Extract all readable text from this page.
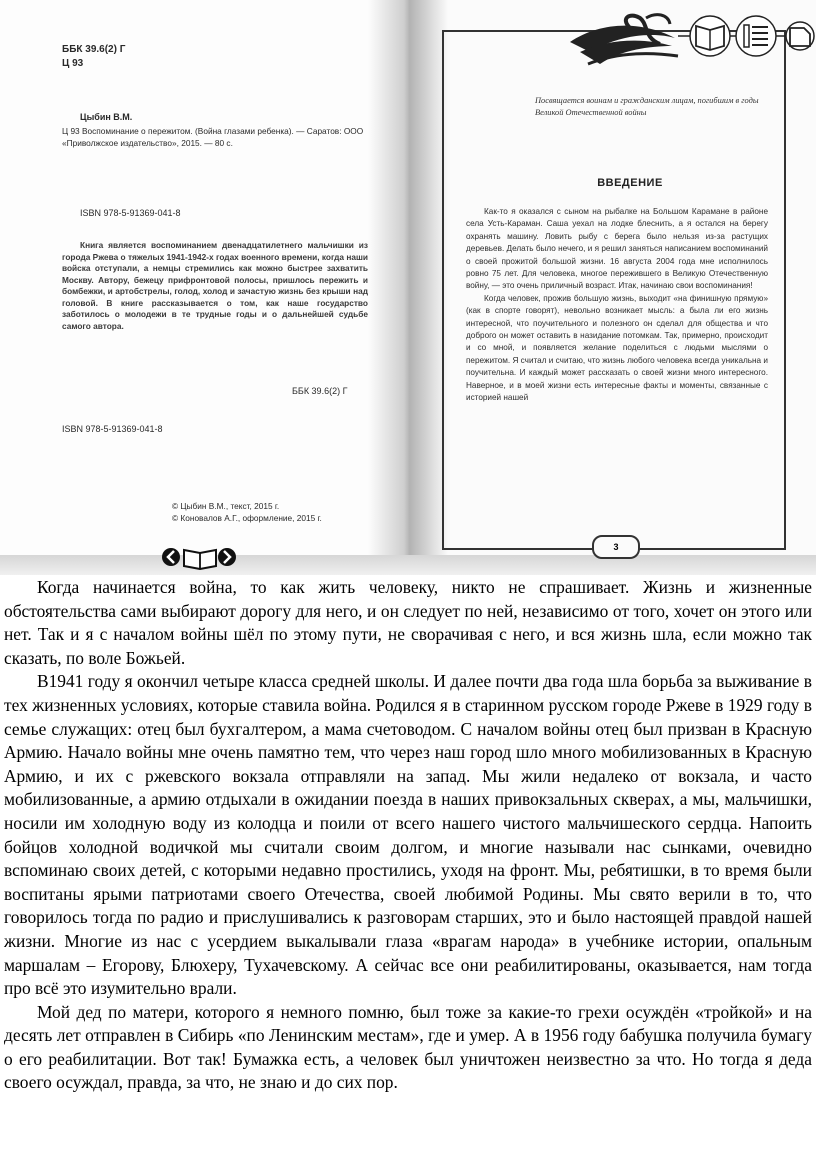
ББК 39.6(2) Г
Ц 93
Цыбин В.М.
Ц 93 Воспоминание о пережитом. (Война глазами ребенка). — Саратов: ООО «Приволжское издательство», 2015. — 80 с.
ISBN 978-5-91369-041-8
Книга является воспоминанием двенадцатилетнего мальчишки из города Ржева о тяжелых 1941-1942-х годах военного времени, когда наши войска отступали, а немцы стремились как можно быстрее захватить Москву. Автору, бежецу прифронтовой полосы, пришлось пережить и бомбежки, и артобстрелы, голод, холод и зачастую жизнь без крыши над головой. В книге рассказывается о том, как наше государство заботилось о молодежи в те трудные годы и о дальнейшей судьбе самого автора.
ББК 39.6(2) Г
ISBN 978-5-91369-041-8
© Цыбин В.М., текст, 2015 г.
© Коновалов А.Г., оформление, 2015 г.
Посвящается воинам и гражданским лицам, погибшим в годы Великой Отечественной войны
ВВЕДЕНИЕ

Как-то я оказался с сыном на рыбалке на Большом Карамане в районе села Усть-Караман. Саша уехал на лодке блеснить, а я остался на берегу охранять машину. Ловить рыбу с берега было нельзя из-за растущих деревьев. Делать было нечего, и я решил заняться написанием воспоминаний о своей прожитой большой жизни. 16 августа 2004 года мне исполнилось ровно 75 лет. Для человека, многое пережившего в Великую Отечественную войну, — это очень приличный возраст. Итак, начинаю свои воспоминания!

Когда человек, прожив большую жизнь, выходит «на финишную прямую» (как в спорте говорят), невольно возникает мысль: а была ли его жизнь интересной, что поучительного и полезного он сделал для общества и что доброго он может оставить в назидание потомкам. Так, примерно, происходит и со мной, и появляется желание поделиться с людьми мыслями о пережитом. Я считал и считаю, что жизнь любого человека всегда уникальна и поучительна. И каждый может рассказать о своей жизни много интересного. Наверное, и в моей жизни есть интересные факты и моменты, связанные с историей нашей

3

Когда начинается война, то как жить человеку, никто не спрашивает. Жизнь и жизненные обстоятельства сами выбирают дорогу для него, и он следует по ней, независимо от того, хочет он этого или нет. Так и я с началом войны шёл по этому пути, не сворачивая с него, и вся жизнь шла, если можно так сказать, по воле Божьей.

В1941 году я окончил четыре класса средней школы. И далее почти два года шла борьба за выживание в тех жизненных условиях, которые ставила война. Родился я в старинном русском городе Ржеве в 1929 году в семье служащих: отец был бухгалтером, а мама счетоводом. С началом войны отец был призван в Красную Армию. Начало войны мне очень памятно тем, что через наш город шло много мобилизованных в Красную Армию, и их с ржевского вокзала отправляли на запад. Мы жили недалеко от вокзала, и часто мобилизованные, а армию отдыхали в ожидании поезда в наших привокзальных скверах, а мы, мальчишки, носили им холодную воду из колодца и поили от всего нашего чистого мальчишеского сердца. Напоить бойцов холодной водичкой мы считали своим долгом, и многие называли нас сынками, очевидно вспоминаю своих детей, с которыми недавно простились, уходя на фронт. Мы, ребятишки, в то время были воспитаны ярыми патриотами своего Отечества, своей любимой Родины. Мы свято верили в то, что говорилось тогда по радио и прислушивались к разговорам старших, это и было настоящей правдой нашей жизни. Многие из нас с усердием выкалывали глаза «врагам народа» в учебнике истории, опальным маршалам – Егорову, Блюхеру, Тухачевскому. А сейчас все они реабилитированы, оказывается, нам тогда про всё это изумительно врали.

Мой дед по матери, которого я немного помню, был тоже за какие-то грехи осуждён «тройкой» и на десять лет отправлен в Сибирь «по Ленинским местам», где и умер. А в 1956 году бабушка получила бумагу о его реабилитации. Вот так! Бумажка есть, а человек был уничтожен неизвестно за что. Но тогда я деда своего осуждал, правда, за что, не знаю и до сих пор.
